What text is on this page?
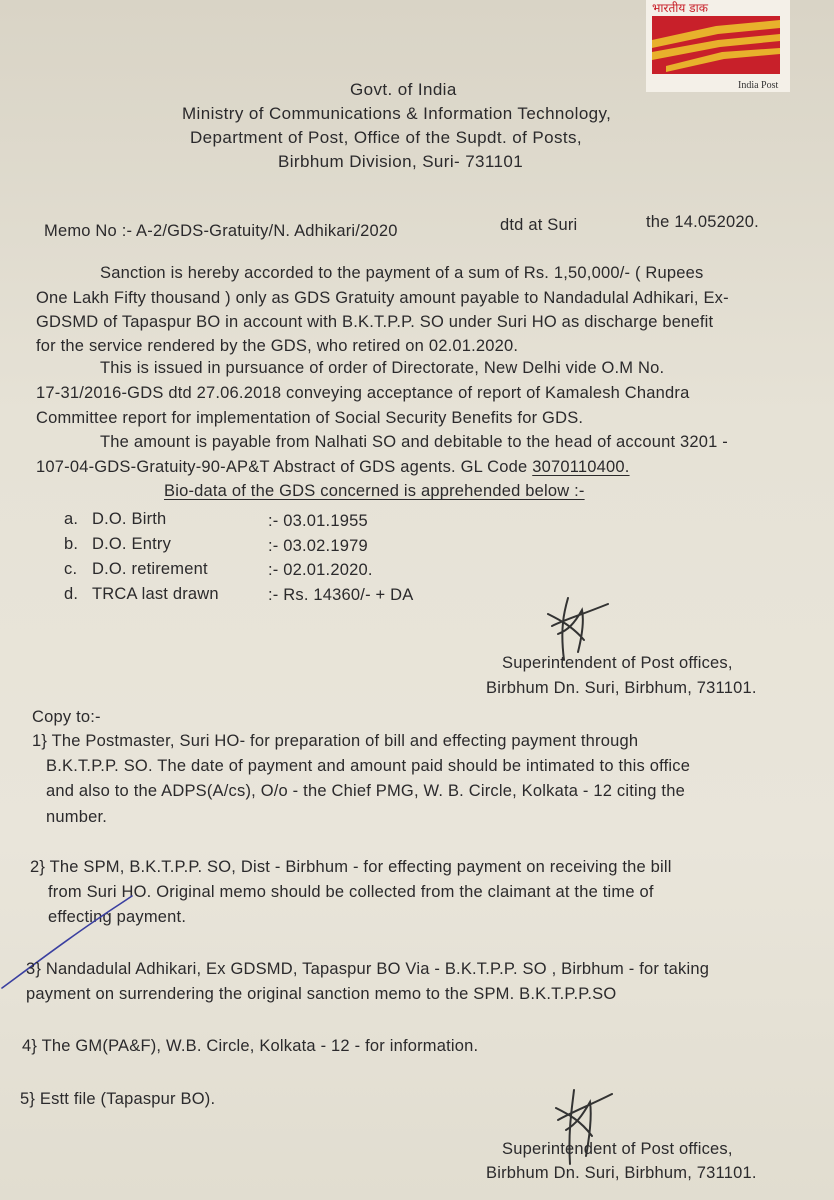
भारतीय डाक
India Post
Govt. of India
Ministry of Communications & Information Technology,
Department of Post, Office of the Supdt. of Posts,
Birbhum Division, Suri- 731101
Memo No :- A-2/GDS-Gratuity/N. Adhikari/2020	dtd at Suri	the 14.052020.
Sanction is hereby accorded to the payment of a sum of Rs. 1,50,000/- ( Rupees
One Lakh Fifty thousand ) only as GDS Gratuity amount payable to Nandadulal Adhikari, Ex-
GDSMD of Tapaspur BO in account with B.K.T.P.P. SO under Suri HO as discharge benefit
for the service rendered by the GDS, who retired on 02.01.2020.
This is issued in pursuance of order of Directorate, New Delhi vide O.M No.
17-31/2016-GDS dtd 27.06.2018 conveying acceptance of report of Kamalesh Chandra
Committee report for implementation of Social Security Benefits for GDS.
The amount is payable from Nalhati SO and debitable to the head of account 3201 -
107-04-GDS-Gratuity-90-AP&T Abstract of GDS agents. GL Code 3070110400.
Bio-data of the GDS concerned is apprehended below :-
a. D.O. Birth	:- 03.01.1955
b. D.O. Entry	:- 03.02.1979
c. D.O. retirement	:- 02.01.2020.
d. TRCA last drawn	:- Rs. 14360/- + DA
Superintendent of Post offices,
Birbhum Dn. Suri, Birbhum, 731101.
Copy to:-
1} The Postmaster, Suri HO- for preparation of bill and effecting payment through
B.K.T.P.P. SO. The date of payment and amount paid should be intimated to this office
and also to the ADPS(A/cs), O/o - the Chief PMG, W. B. Circle, Kolkata - 12 citing the
number.
2} The SPM, B.K.T.P.P. SO, Dist - Birbhum - for effecting payment on receiving the bill
from Suri HO. Original memo should be collected from the claimant at the time of
effecting payment.
3} Nandadulal Adhikari, Ex GDSMD, Tapaspur BO Via - B.K.T.P.P. SO , Birbhum - for taking
payment on surrendering the original sanction memo to the SPM. B.K.T.P.P.SO
4} The GM(PA&F), W.B. Circle, Kolkata - 12 - for information.
5} Estt file (Tapaspur BO).
Superintendent of Post offices,
Birbhum Dn. Suri, Birbhum, 731101.
